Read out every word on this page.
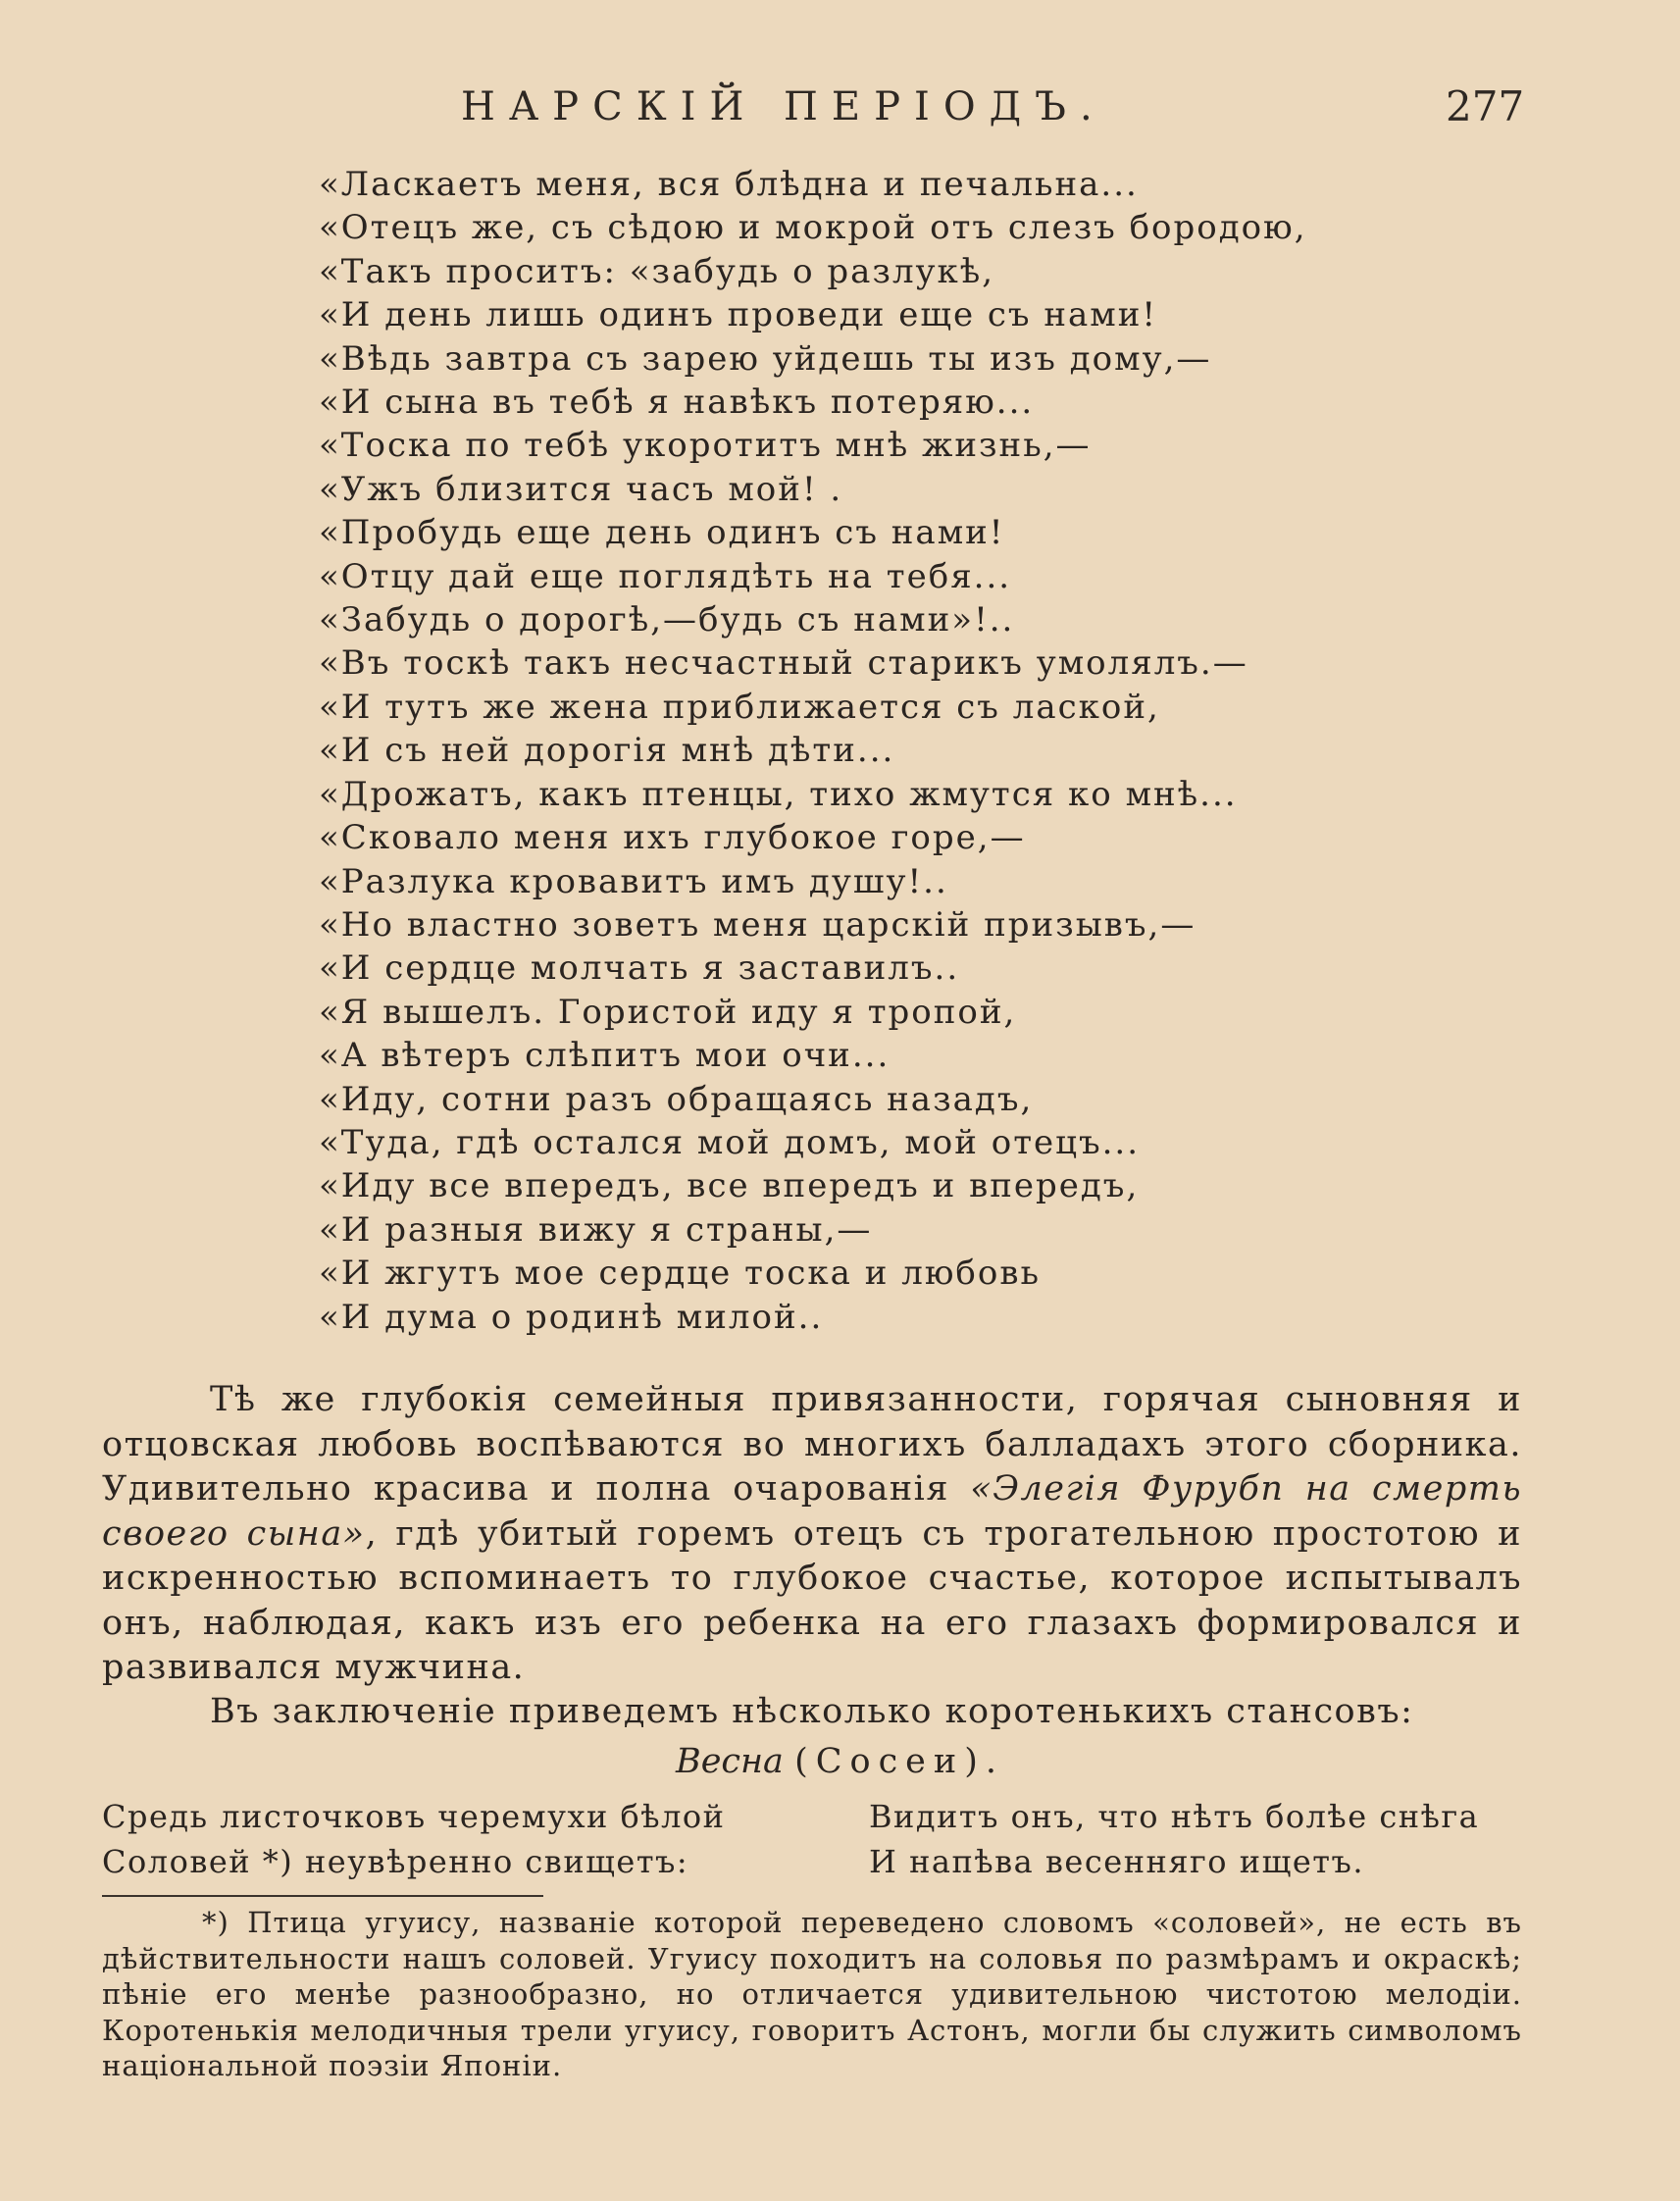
НАРСКІЙ ПЕРІОДЪ.	277
«Ласкаетъ меня, вся блѣдна и печальна...
«Отецъ же, съ сѣдою и мокрой отъ слезъ бородою,
«Такъ проситъ: «забудь о разлукѣ,
«И день лишь одинъ проведи еще съ нами!
«Вѣдь завтра съ зарею уйдешь ты изъ дому,—
«И сына въ тебѣ я навѣкъ потеряю...
«Тоска по тебѣ укоротитъ мнѣ жизнь,—
«Ужъ близится часъ мой! .
«Пробудь еще день одинъ съ нами!
«Отцу дай еще поглядѣть на тебя...
«Забудь о дорогѣ,—будь съ нами»!..
«Въ тоскѣ такъ несчастный старикъ умолялъ.—
«И тутъ же жена приближается съ лаской,
«И съ ней дорогія мнѣ дѣти...
«Дрожатъ, какъ птенцы, тихо жмутся ко мнѣ...
«Сковало меня ихъ глубокое горе,—
«Разлука кровавитъ имъ душу!..
«Но властно зоветъ меня царскій призывъ,—
«И сердце молчать я заставилъ..
«Я вышелъ. Гористой иду я тропой,
«А вѣтеръ слѣпитъ мои очи...
«Иду, сотни разъ обращаясь назадъ,
«Туда, гдѣ остался мой домъ, мой отецъ...
«Иду все впередъ, все впередъ и впередъ,
«И разныя вижу я страны,—
«И жгутъ мое сердце тоска и любовь
«И дума о родинѣ милой..

Тѣ же глубокія семейныя привязанности, горячая сыновняя и отцовская любовь воспѣваются во многихъ балладахъ этого сборника. Удивительно красива и полна очарованія «Элегія Фурубп на смерть своего сына», гдѣ убитый горемъ отецъ съ трогательною простотою и искренностью вспоминаетъ то глубокое счастье, которое испытывалъ онъ, наблюдая, какъ изъ его ребенка на его глазахъ формировался и развивался мужчина.

Въ заключеніе приведемъ нѣсколько коротенькихъ стансовъ:

Весна (Сосеи).
Средь листочковъ черемухи бѣлой
Соловей *) неувѣренно свищетъ:
Видитъ онъ, что нѣтъ болѣе снѣга
И напѣва весенняго ищетъ.

*) Птица угуису, названіе которой переведено словомъ «соловей», не есть въ дѣйствительности нашъ соловей. Угуису походитъ на соловья по размѣрамъ и окраскѣ; пѣніе его менѣе разнообразно, но отличается удивительною чистотою мелодіи. Коротенькія мелодичныя трели угуису, говоритъ Астонъ, могли бы служить символомъ національной поэзіи Японіи.
